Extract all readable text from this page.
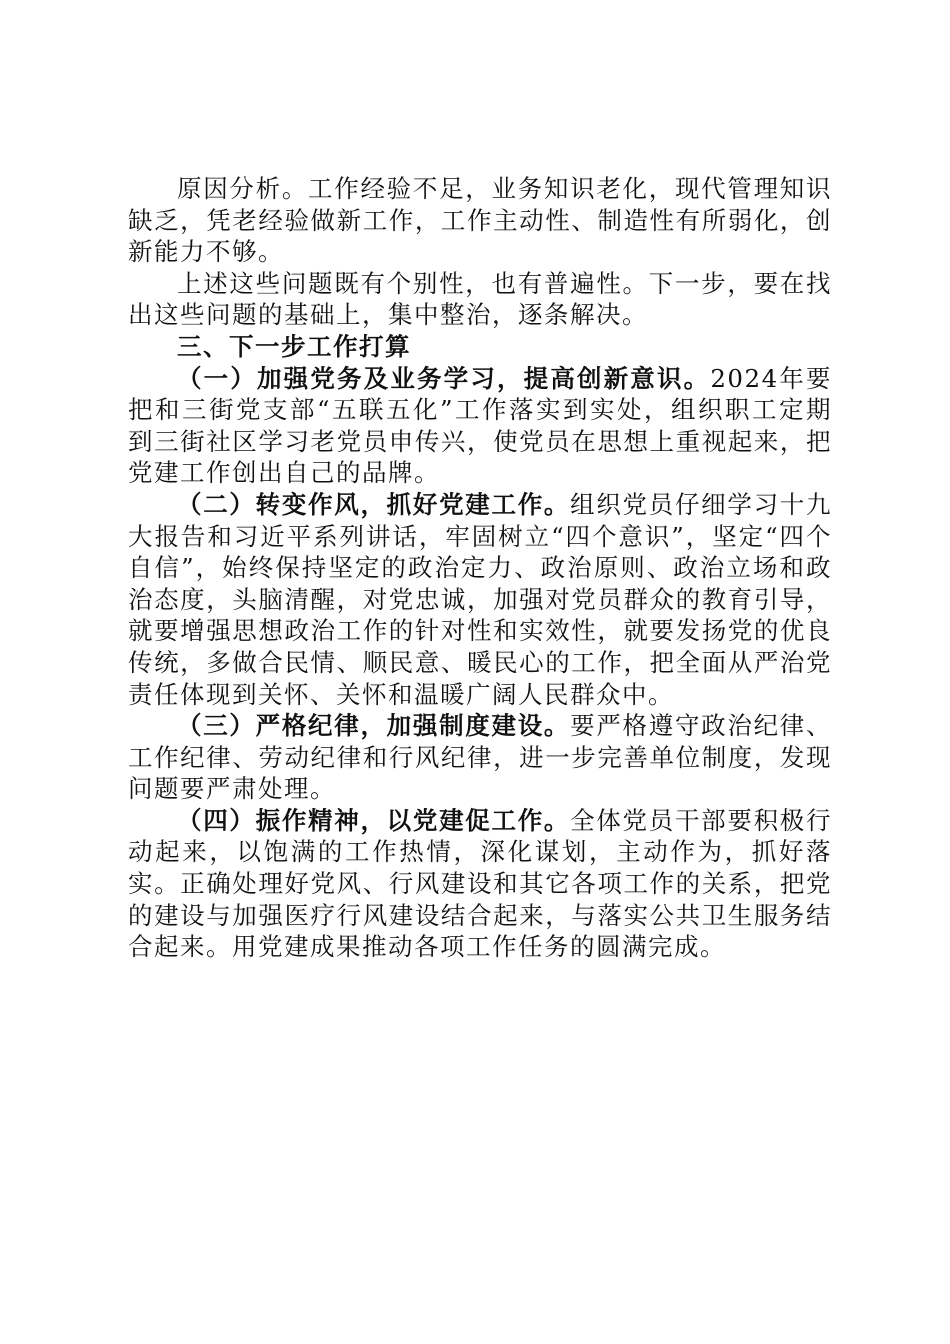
原因分析。工作经验不足，业务知识老化，现代管理知识缺乏，凭老经验做新工作，工作主动性、制造性有所弱化，创新能力不够。

上述这些问题既有个别性，也有普遍性。下一步，要在找出这些问题的基础上，集中整治，逐条解决。

三、下一步工作打算

（一）加强党务及业务学习，提高创新意识。2024年要把和三街党支部“五联五化”工作落实到实处，组织职工定期到三街社区学习老党员申传兴，使党员在思想上重视起来，把党建工作创出自己的品牌。

（二）转变作风，抓好党建工作。组织党员仔细学习十九大报告和习近平系列讲话，牢固树立“四个意识”，坚定“四个自信”，始终保持坚定的政治定力、政治原则、政治立场和政治态度，头脑清醒，对党忠诚，加强对党员群众的教育引导，就要增强思想政治工作的针对性和实效性，就要发扬党的优良传统，多做合民情、顺民意、暖民心的工作，把全面从严治党责任体现到关怀、关怀和温暖广阔人民群众中。

（三）严格纪律，加强制度建设。要严格遵守政治纪律、工作纪律、劳动纪律和行风纪律，进一步完善单位制度，发现问题要严肃处理。

（四）振作精神，以党建促工作。全体党员干部要积极行动起来，以饱满的工作热情，深化谋划，主动作为，抓好落实。正确处理好党风、行风建设和其它各项工作的关系，把党的建设与加强医疗行风建设结合起来，与落实公共卫生服务结合起来。用党建成果推动各项工作任务的圆满完成。
